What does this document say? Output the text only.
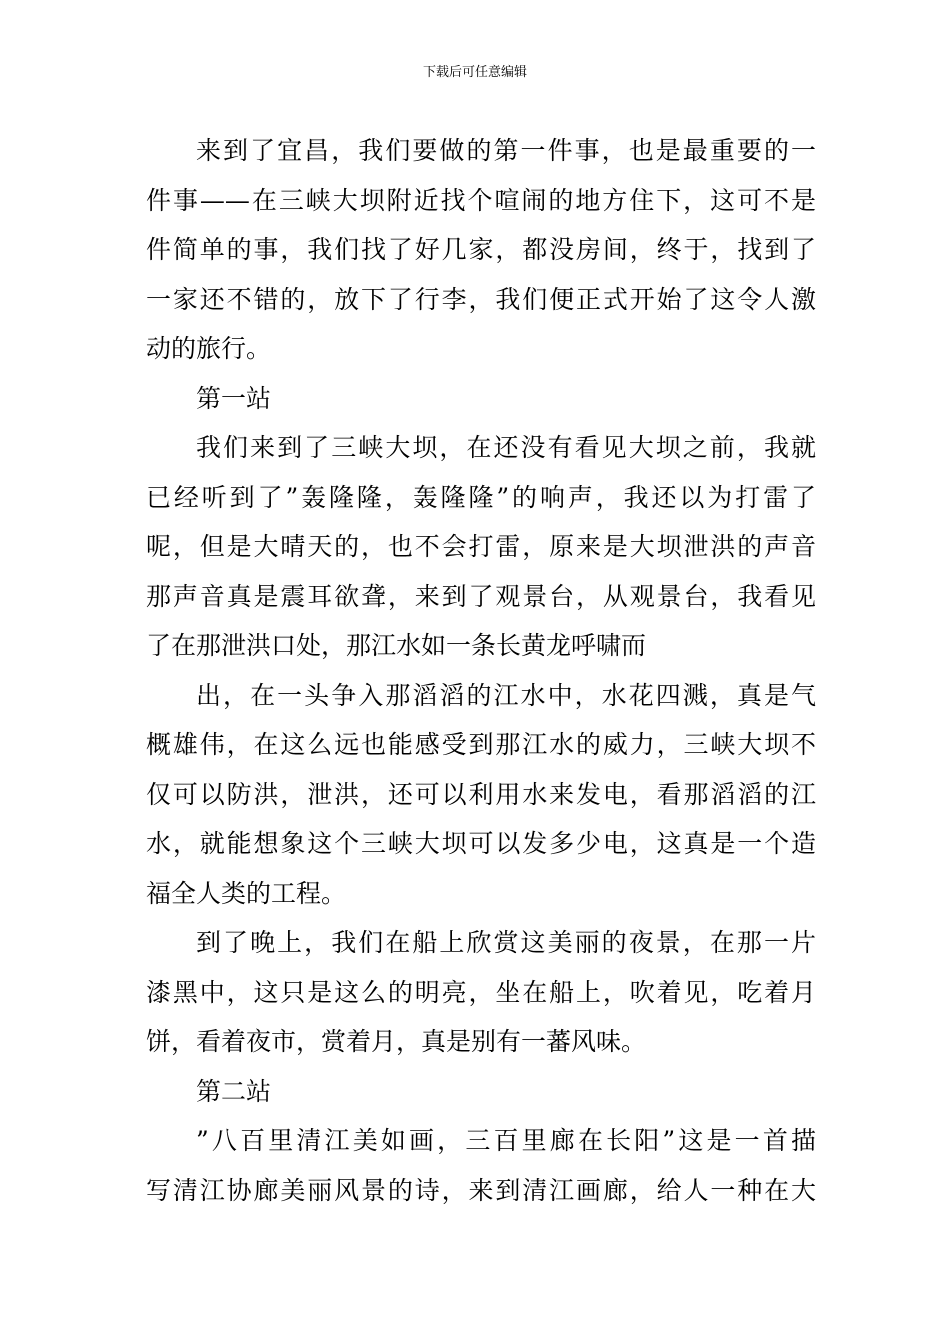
下载后可任意编辑
来到了宜昌，我们要做的第一件事，也是最重要的一
件事——在三峡大坝附近找个喧闹的地方住下，这可不是
件简单的事，我们找了好几家，都没房间，终于，找到了
一家还不错的，放下了行李，我们便正式开始了这令人激
动的旅行。
第一站
我们来到了三峡大坝，在还没有看见大坝之前，我就
已经听到了”轰隆隆，轰隆隆”的响声，我还以为打雷了
呢，但是大晴天的，也不会打雷，原来是大坝泄洪的声音
那声音真是震耳欲聋，来到了观景台，从观景台，我看见
了在那泄洪口处，那江水如一条长黄龙呼啸而
出，在一头争入那滔滔的江水中，水花四溅，真是气
概雄伟，在这么远也能感受到那江水的威力，三峡大坝不
仅可以防洪，泄洪，还可以利用水来发电，看那滔滔的江
水，就能想象这个三峡大坝可以发多少电，这真是一个造
福全人类的工程。
到了晚上，我们在船上欣赏这美丽的夜景，在那一片
漆黑中，这只是这么的明亮，坐在船上，吹着见，吃着月
饼，看着夜市，赏着月，真是别有一蕃风味。
第二站
”八百里清江美如画，三百里廊在长阳”这是一首描
写清江协廊美丽风景的诗，来到清江画廊，给人一种在大
